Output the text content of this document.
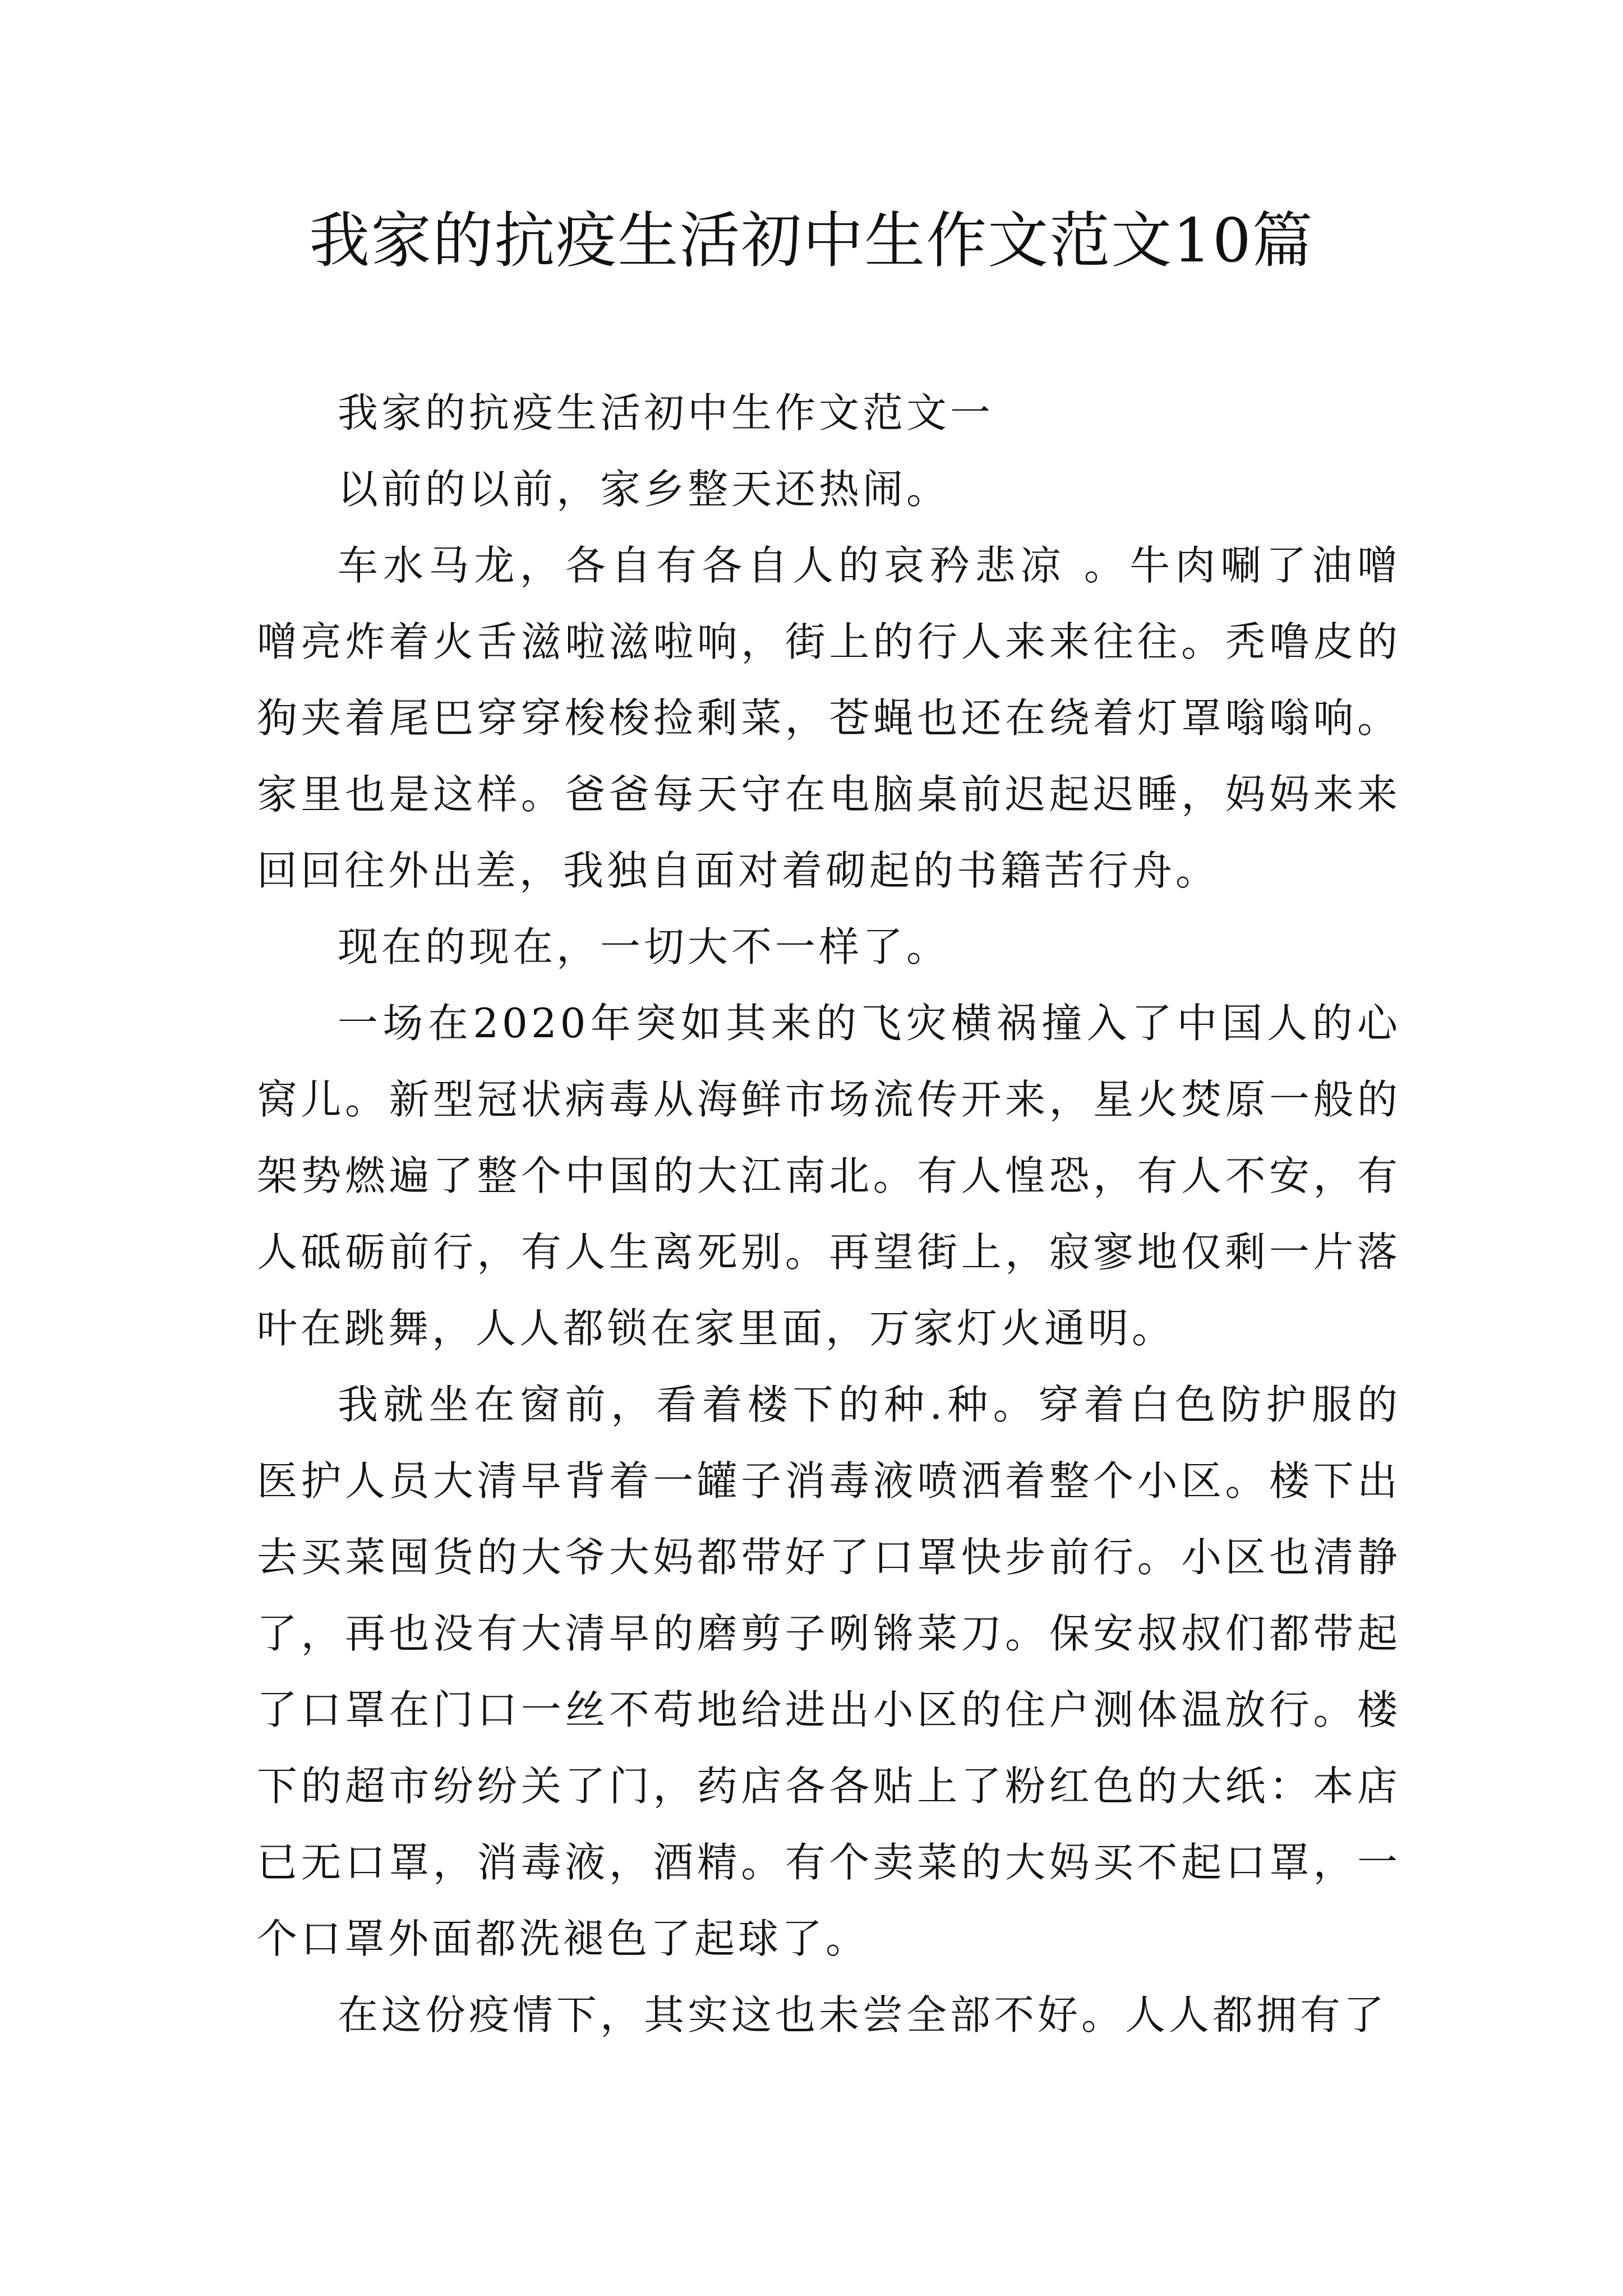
我家的抗疫生活初中生作文范文10篇

我家的抗疫生活初中生作文范文一

以前的以前，家乡整天还热闹。

车水马龙，各自有各自人的哀矜悲凉 。牛肉唰了油噌噌亮炸着火舌滋啦滋啦响，街上的行人来来往往。秃噜皮的狗夹着尾巴穿穿梭梭捡剩菜，苍蝇也还在绕着灯罩嗡嗡响。家里也是这样。爸爸每天守在电脑桌前迟起迟睡，妈妈来来回回往外出差，我独自面对着砌起的书籍苦行舟。

现在的现在，一切大不一样了。

一场在2020年突如其来的飞灾横祸撞入了中国人的心窝儿。新型冠状病毒从海鲜市场流传开来，星火焚原一般的架势燃遍了整个中国的大江南北。有人惶恐，有人不安，有人砥砺前行，有人生离死别。再望街上，寂寥地仅剩一片落叶在跳舞，人人都锁在家里面，万家灯火通明。

我就坐在窗前，看着楼下的种.种。穿着白色防护服的医护人员大清早背着一罐子消毒液喷洒着整个小区。楼下出去买菜囤货的大爷大妈都带好了口罩快步前行。小区也清静了，再也没有大清早的磨剪子咧锵菜刀。保安叔叔们都带起了口罩在门口一丝不苟地给进出小区的住户测体温放行。楼下的超市纷纷关了门，药店各各贴上了粉红色的大纸：本店已无口罩，消毒液，酒精。有个卖菜的大妈买不起口罩，一个口罩外面都洗褪色了起球了。

在这份疫情下，其实这也未尝全部不好。人人都拥有了
